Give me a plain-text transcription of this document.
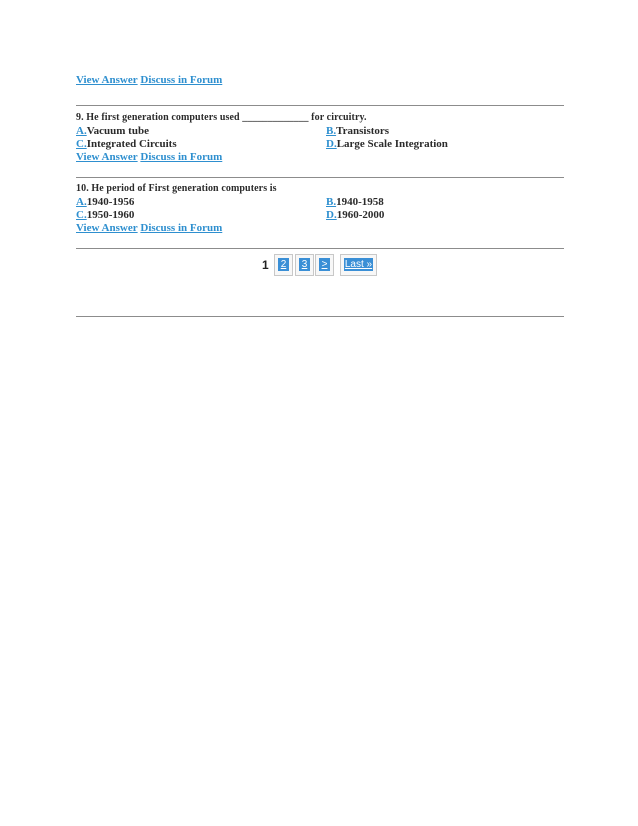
View Answer Discuss in Forum
9. He first generation computers used _____________ for circuitry.
A.Vacuum tube	B.Transistors
C.Integrated Circuits	D.Large Scale Integration
View Answer Discuss in Forum
10. He period of First generation computers is
A.1940-1956	B.1940-1958
C.1950-1960	D.1960-2000
View Answer Discuss in Forum
1 2 3 > Last »
